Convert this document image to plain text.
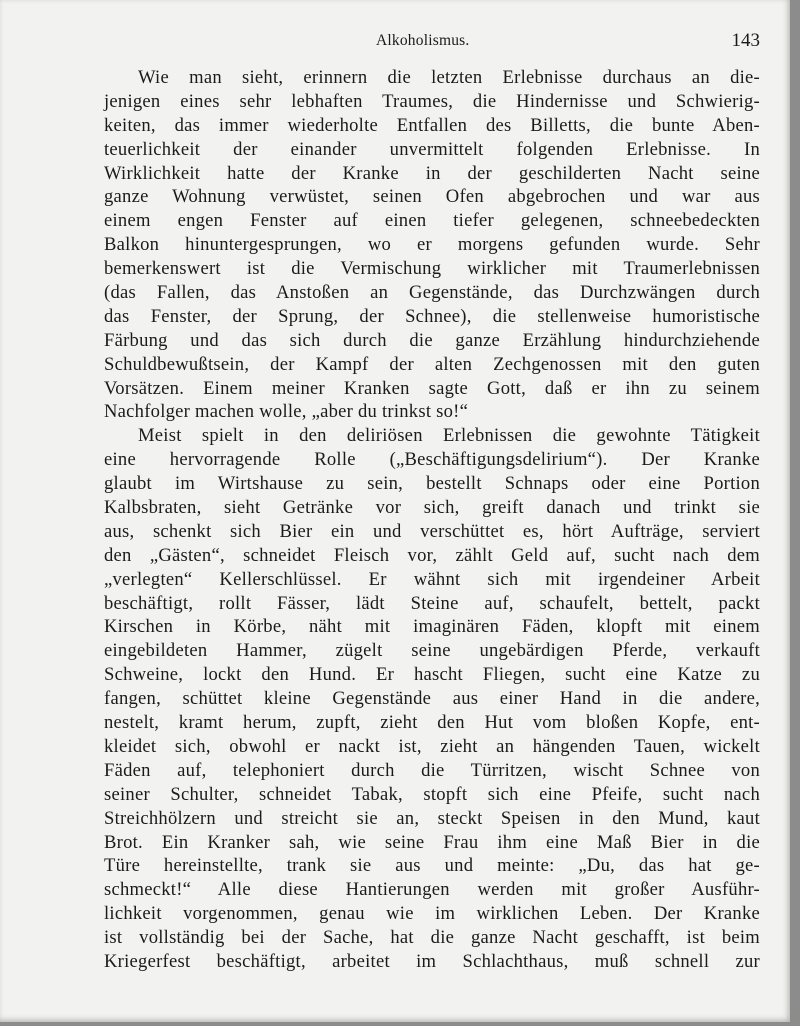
Alkoholismus.	143
Wie man sieht, erinnern die letzten Erlebnisse durchaus an die-
jenigen eines sehr lebhaften Traumes, die Hindernisse und Schwierig-
keiten, das immer wiederholte Entfallen des Billetts, die bunte Aben-
teuerlichkeit der einander unvermittelt folgenden Erlebnisse. In
Wirklichkeit hatte der Kranke in der geschilderten Nacht seine
ganze Wohnung verwüstet, seinen Ofen abgebrochen und war aus
einem engen Fenster auf einen tiefer gelegenen, schneebedeckten
Balkon hinuntergesprungen, wo er morgens gefunden wurde. Sehr
bemerkenswert ist die Vermischung wirklicher mit Traumerlebnissen
(das Fallen, das Anstoßen an Gegenstände, das Durchzwängen durch
das Fenster, der Sprung, der Schnee), die stellenweise humoristische
Färbung und das sich durch die ganze Erzählung hindurchziehende
Schuldbewußtsein, der Kampf der alten Zechgenossen mit den guten
Vorsätzen. Einem meiner Kranken sagte Gott, daß er ihn zu seinem
Nachfolger machen wolle, „aber du trinkst so!“
Meist spielt in den deliriösen Erlebnissen die gewohnte Tätigkeit
eine hervorragende Rolle („Beschäftigungsdelirium“). Der Kranke
glaubt im Wirtshause zu sein, bestellt Schnaps oder eine Portion
Kalbsbraten, sieht Getränke vor sich, greift danach und trinkt sie
aus, schenkt sich Bier ein und verschüttet es, hört Aufträge, serviert
den „Gästen“, schneidet Fleisch vor, zählt Geld auf, sucht nach dem
„verlegten“ Kellerschlüssel. Er wähnt sich mit irgendeiner Arbeit
beschäftigt, rollt Fässer, lädt Steine auf, schaufelt, bettelt, packt
Kirschen in Körbe, näht mit imaginären Fäden, klopft mit einem
eingebildeten Hammer, zügelt seine ungebärdigen Pferde, verkauft
Schweine, lockt den Hund. Er hascht Fliegen, sucht eine Katze zu
fangen, schüttet kleine Gegenstände aus einer Hand in die andere,
nestelt, kramt herum, zupft, zieht den Hut vom bloßen Kopfe, ent-
kleidet sich, obwohl er nackt ist, zieht an hängenden Tauen, wickelt
Fäden auf, telephoniert durch die Türritzen, wischt Schnee von
seiner Schulter, schneidet Tabak, stopft sich eine Pfeife, sucht nach
Streichhölzern und streicht sie an, steckt Speisen in den Mund, kaut
Brot. Ein Kranker sah, wie seine Frau ihm eine Maß Bier in die
Türe hereinstellte, trank sie aus und meinte: „Du, das hat ge-
schmeckt!“ Alle diese Hantierungen werden mit großer Ausführ-
lichkeit vorgenommen, genau wie im wirklichen Leben. Der Kranke
ist vollständig bei der Sache, hat die ganze Nacht geschafft, ist beim
Kriegerfest beschäftigt, arbeitet im Schlachthaus, muß schnell zur
